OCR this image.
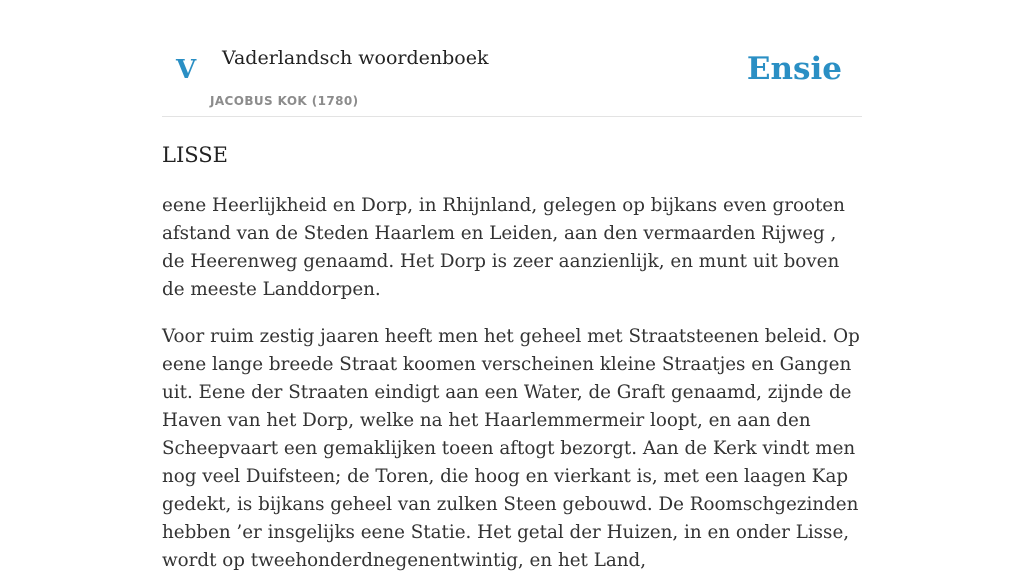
V Vaderlandsch woordenboek
JACOBUS KOK (1780)
Ensie
LISSE

eene Heerlijkheid en Dorp, in Rhijnland, gelegen op bijkans even grooten afstand van de Steden Haarlem en Leiden, aan den vermaarden Rijweg , de Heerenweg genaamd. Het Dorp is zeer aanzienlijk, en munt uit boven de meeste Landdorpen.

Voor ruim zestig jaaren heeft men het geheel met Straatsteenen beleid. Op eene lange breede Straat koomen verscheinen kleine Straatjes en Gangen uit. Eene der Straaten eindigt aan een Water, de Graft genaamd, zijnde de Haven van het Dorp, welke na het Haarlemmermeir loopt, en aan den Scheepvaart een gemaklijken toeen aftogt bezorgt. Aan de Kerk vindt men nog veel Duifsteen; de Toren, die hoog en vierkant is, met een laagen Kap gedekt, is bijkans geheel van zulken Steen gebouwd. De Roomschgezinden hebben ’er insgelijks eene Statie. Het getal der Huizen, in en onder Lisse, wordt op tweehonderdnegenentwintig, en het Land,
